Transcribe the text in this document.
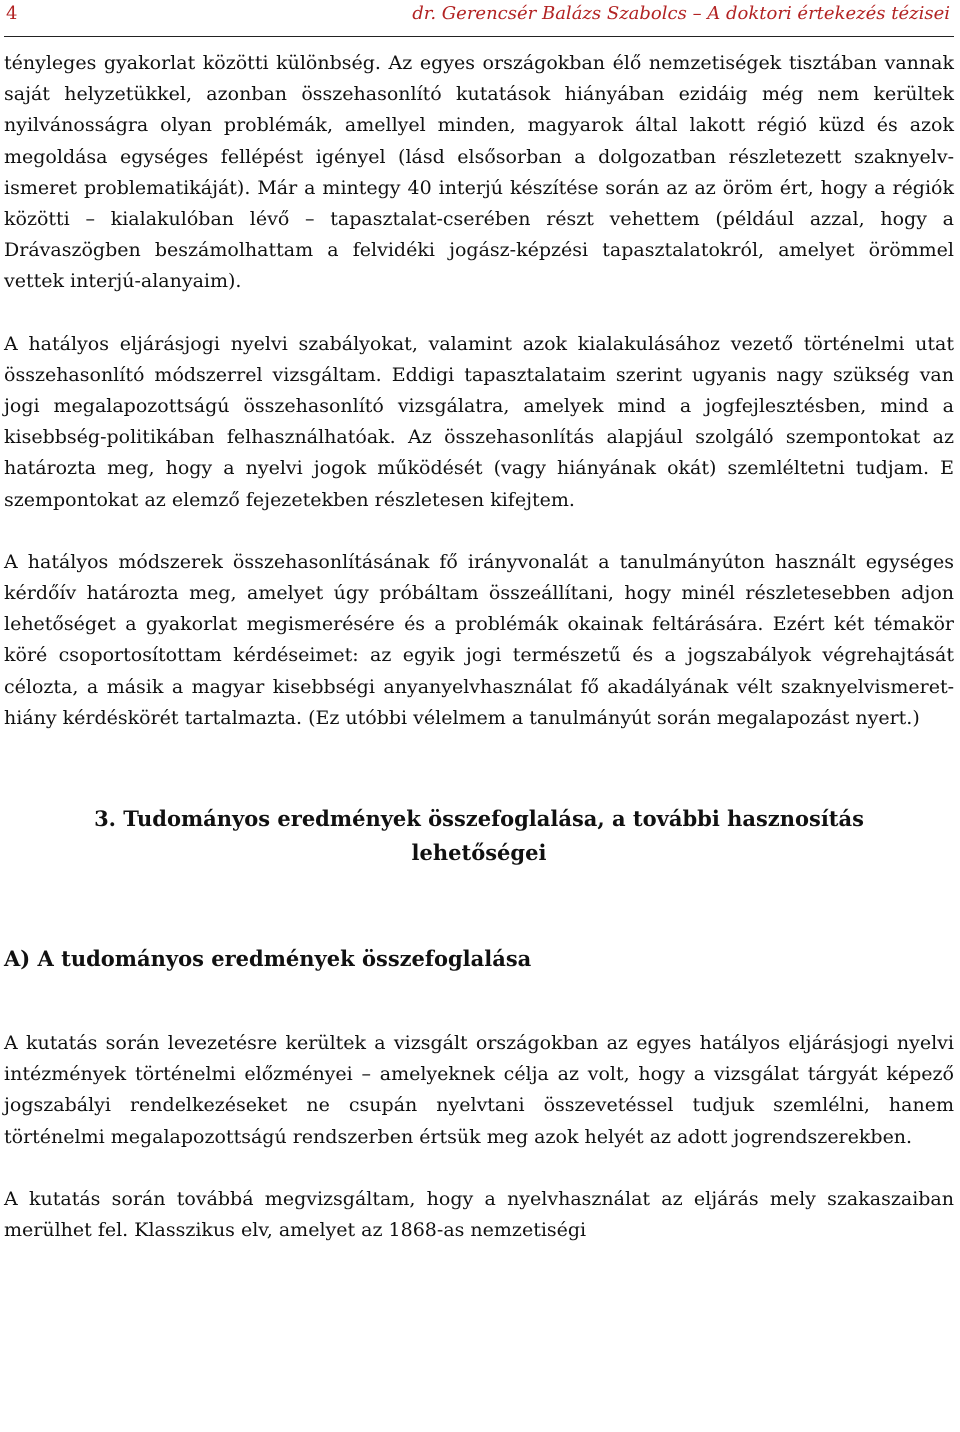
4	dr. Gerencsér Balázs Szabolcs – A doktori értekezés tézisei

tényleges gyakorlat közötti különbség. Az egyes országokban élő nemzetiségek tisztában vannak saját helyzetükkel, azonban összehasonlító kutatások hiányában ezidáig még nem kerültek nyilvánosságra olyan problémák, amellyel minden, magyarok által lakott régió küzd és azok megoldása egységes fellépést igényel (lásd elsősorban a dolgozatban részletezett szaknyelv-ismeret problematikáját). Már a mintegy 40 interjú készítése során az az öröm ért, hogy a régiók közötti – kialakulóban lévő – tapasztalat-cserében részt vehettem (például azzal, hogy a Drávaszögben beszámolhattam a felvidéki jogász-képzési tapasztalatokról, amelyet örömmel vettek interjú-alanyaim).

A hatályos eljárásjogi nyelvi szabályokat, valamint azok kialakulásához vezető történelmi utat összehasonlító módszerrel vizsgáltam. Eddigi tapasztalataim szerint ugyanis nagy szükség van jogi megalapozottságú összehasonlító vizsgálatra, amelyek mind a jogfejlesztésben, mind a kisebbség-politikában felhasználhatóak. Az összehasonlítás alapjául szolgáló szempontokat az határozta meg, hogy a nyelvi jogok működését (vagy hiányának okát) szemléltetni tudjam. E szempontokat az elemző fejezetekben részletesen kifejtem.

A hatályos módszerek összehasonlításának fő irányvonalát a tanulmányúton használt egységes kérdőív határozta meg, amelyet úgy próbáltam összeállítani, hogy minél részletesebben adjon lehetőséget a gyakorlat megismerésére és a problémák okainak feltárására. Ezért két témakör köré csoportosítottam kérdéseimet: az egyik jogi természetű és a jogszabályok végrehajtását célozta, a másik a magyar kisebbségi anyanyelvhasználat fő akadályának vélt szaknyelvismeret-hiány kérdéskörét tartalmazta. (Ez utóbbi vélelmem a tanulmányút során megalapozást nyert.)

3. Tudományos eredmények összefoglalása, a további hasznosítás
lehetőségei
A) A tudományos eredmények összefoglalása

A kutatás során levezetésre kerültek a vizsgált országokban az egyes hatályos eljárásjogi nyelvi intézmények történelmi előzményei – amelyeknek célja az volt, hogy a vizsgálat tárgyát képező jogszabályi rendelkezéseket ne csupán nyelvtani összevetéssel tudjuk szemlélni, hanem történelmi megalapozottságú rendszerben értsük meg azok helyét az adott jogrendszerekben.

A kutatás során továbbá megvizsgáltam, hogy a nyelvhasználat az eljárás mely szakaszaiban merülhet fel. Klasszikus elv, amelyet az 1868-as nemzetiségi
